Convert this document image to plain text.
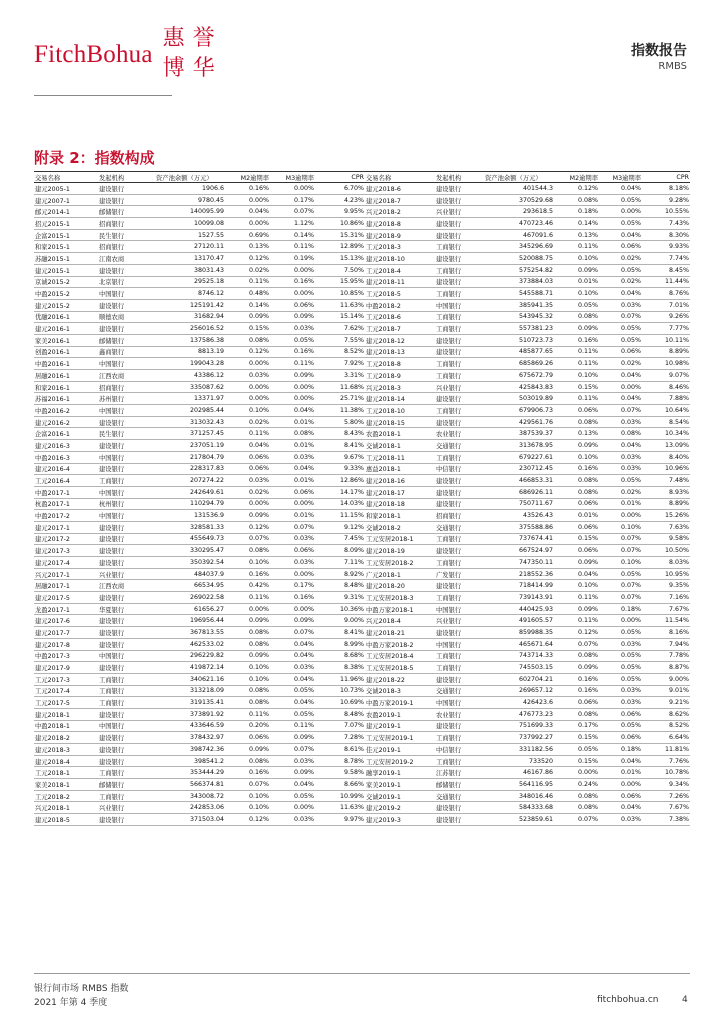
FitchBohua
惠 誉
博 华
指数报告
RMBS
附录 2：指数构成
交易名称	发起机构	资产池余额（万元）	M2逾期率	M3逾期率	CPR
建元2005-1	建设银行	1906.6	0.16%	0.00%	6.70%
建元2007-1	建设银行	9780.45	0.00%	0.17%	4.23%
邮元2014-1	邮储银行	140095.99	0.04%	0.07%	9.95%
招元2015-1	招商银行	10099.08	0.00%	1.12%	10.86%
企富2015-1	民生银行	1527.55	0.69%	0.14%	15.31%
和家2015-1	招商银行	27120.11	0.13%	0.11%	12.89%
苏融2015-1	江南农商	13170.47	0.12%	0.19%	15.13%
建元2015-1	建设银行	38031.43	0.02%	0.00%	7.50%
京诚2015-2	北京银行	29525.18	0.11%	0.16%	15.95%
中盈2015-2	中国银行	8746.12	0.48%	0.00%	10.85%
建元2015-2	建设银行	125191.42	0.14%	0.06%	11.63%
优融2016-1	顺德农商	31682.94	0.09%	0.09%	15.14%
建元2016-1	建设银行	256016.52	0.15%	0.03%	7.62%
家美2016-1	邮储银行	137586.38	0.08%	0.05%	7.55%
创盈2016-1	鑫商银行	8813.19	0.12%	0.16%	8.52%
中盈2016-1	中国银行	199043.28	0.00%	0.11%	7.92%
居融2016-1	江西农商	43386.12	0.03%	0.09%	3.31%
和家2016-1	招商银行	335087.62	0.00%	0.00%	11.68%
苏福2016-1	苏州银行	13371.97	0.00%	0.00%	25.71%
中盈2016-2	中国银行	202985.44	0.10%	0.04%	11.38%
建元2016-2	建设银行	313032.43	0.02%	0.01%	5.80%
企富2016-1	民生银行	371257.45	0.11%	0.08%	8.43%
建元2016-3	建设银行	237051.19	0.04%	0.01%	8.41%
中盈2016-3	中国银行	217804.79	0.06%	0.03%	9.67%
建元2016-4	建设银行	228317.83	0.06%	0.04%	9.33%
工元2016-4	工商银行	207274.22	0.03%	0.01%	12.86%
中盈2017-1	中国银行	242649.61	0.02%	0.06%	14.17%
杭盈2017-1	杭州银行	110294.79	0.00%	0.00%	14.03%
中盈2017-2	中国银行	131536.9	0.09%	0.01%	11.15%
建元2017-1	建设银行	328581.33	0.12%	0.07%	9.12%
建元2017-2	建设银行	455649.73	0.07%	0.03%	7.45%
建元2017-3	建设银行	330295.47	0.08%	0.06%	8.09%
建元2017-4	建设银行	350392.54	0.10%	0.03%	7.11%
兴元2017-1	兴业银行	484037.9	0.16%	0.00%	8.92%
居融2017-1	江西农商	66534.95	0.42%	0.17%	8.48%
建元2017-5	建设银行	269022.58	0.11%	0.16%	9.31%
龙盈2017-1	华夏银行	61656.27	0.00%	0.00%	10.36%
建元2017-6	建设银行	196956.44	0.09%	0.09%	9.00%
建元2017-7	建设银行	367813.55	0.08%	0.07%	8.41%
建元2017-8	建设银行	462533.02	0.08%	0.04%	8.99%
中盈2017-3	中国银行	296229.82	0.09%	0.04%	8.68%
建元2017-9	建设银行	419872.14	0.10%	0.03%	8.38%
工元2017-3	工商银行	340621.16	0.10%	0.04%	11.96%
工元2017-4	工商银行	313218.09	0.08%	0.05%	10.73%
工元2017-5	工商银行	319135.41	0.08%	0.04%	10.69%
建元2018-1	建设银行	373891.92	0.11%	0.05%	8.48%
中盈2018-1	中国银行	433646.59	0.20%	0.11%	7.07%
建元2018-2	建设银行	378432.97	0.06%	0.09%	7.28%
建元2018-3	建设银行	398742.36	0.09%	0.07%	8.61%
建元2018-4	建设银行	398541.2	0.08%	0.03%	8.78%
工元2018-1	工商银行	353444.29	0.16%	0.09%	9.58%
家美2018-1	邮储银行	566374.81	0.07%	0.04%	8.66%
工元2018-2	工商银行	343008.72	0.10%	0.05%	10.99%
兴元2018-1	兴业银行	242853.06	0.10%	0.00%	11.63%
建元2018-5	建设银行	371503.04	0.12%	0.03%	9.97%
交易名称	发起机构	资产池余额（万元）	M2逾期率	M3逾期率	CPR
建元2018-6	建设银行	401544.3	0.12%	0.04%	8.18%
建元2018-7	建设银行	370529.68	0.08%	0.05%	9.28%
兴元2018-2	兴业银行	293618.5	0.18%	0.00%	10.55%
建元2018-8	建设银行	470723.46	0.14%	0.05%	7.43%
建元2018-9	建设银行	467091.6	0.13%	0.04%	8.30%
工元2018-3	工商银行	345296.69	0.11%	0.06%	9.93%
建元2018-10	建设银行	520088.75	0.10%	0.02%	7.74%
工元2018-4	工商银行	575254.82	0.09%	0.05%	8.45%
建元2018-11	建设银行	373884.03	0.01%	0.02%	11.44%
工元2018-5	工商银行	545588.71	0.10%	0.04%	8.76%
中盈2018-2	中国银行	385941.35	0.05%	0.03%	7.01%
工元2018-6	工商银行	543945.32	0.08%	0.07%	9.26%
工元2018-7	工商银行	557381.23	0.09%	0.05%	7.77%
建元2018-12	建设银行	510723.73	0.16%	0.05%	10.11%
建元2018-13	建设银行	485877.65	0.11%	0.06%	8.89%
工元2018-8	工商银行	685869.26	0.11%	0.02%	10.98%
工元2018-9	工商银行	675672.79	0.10%	0.04%	9.07%
兴元2018-3	兴业银行	425843.83	0.15%	0.00%	8.46%
建元2018-14	建设银行	503019.89	0.11%	0.04%	7.88%
工元2018-10	工商银行	679906.73	0.06%	0.07%	10.64%
建元2018-15	建设银行	429561.76	0.08%	0.03%	8.54%
农盈2018-1	农业银行	387539.37	0.13%	0.08%	10.34%
交诚2018-1	交通银行	313678.95	0.09%	0.04%	13.09%
工元2018-11	工商银行	679227.61	0.10%	0.03%	8.40%
惠益2018-1	中信银行	230712.45	0.16%	0.03%	10.96%
建元2018-16	建设银行	466853.31	0.08%	0.05%	7.48%
建元2018-17	建设银行	686926.11	0.08%	0.02%	8.93%
建元2018-18	建设银行	750711.67	0.06%	0.01%	8.89%
和家2018-1	招商银行	43526.43	0.01%	0.00%	15.26%
交诚2018-2	交通银行	375588.86	0.06%	0.10%	7.63%
工元安居2018-1	工商银行	737674.41	0.15%	0.07%	9.58%
建元2018-19	建设银行	667524.97	0.06%	0.07%	10.50%
工元安居2018-2	工商银行	747350.11	0.09%	0.10%	8.03%
广元2018-1	广发银行	218552.36	0.04%	0.05%	10.95%
建元2018-20	建设银行	718414.99	0.10%	0.07%	9.35%
工元安居2018-3	工商银行	739143.91	0.11%	0.07%	7.16%
中盈万家2018-1	中国银行	440425.93	0.09%	0.18%	7.67%
兴元2018-4	兴业银行	491605.57	0.11%	0.00%	11.54%
建元2018-21	建设银行	859988.35	0.12%	0.05%	8.16%
中盈万家2018-2	中国银行	465671.64	0.07%	0.03%	7.94%
工元安居2018-4	工商银行	743714.33	0.08%	0.05%	7.78%
工元安居2018-5	工商银行	745503.15	0.09%	0.05%	8.87%
建元2018-22	建设银行	602704.21	0.16%	0.05%	9.00%
交诚2018-3	交通银行	269657.12	0.16%	0.03%	9.01%
中盈万家2019-1	中国银行	426423.6	0.06%	0.03%	9.21%
农盈2019-1	农业银行	476773.23	0.08%	0.06%	8.62%
建元2019-1	建设银行	751699.33	0.17%	0.05%	8.52%
工元安居2019-1	工商银行	737992.27	0.15%	0.06%	6.64%
佳元2019-1	中信银行	331182.56	0.05%	0.18%	11.81%
工元安居2019-2	工商银行	733520	0.15%	0.04%	7.76%
融享2019-1	江苏银行	46167.86	0.00%	0.01%	10.78%
家美2019-1	邮储银行	564116.95	0.24%	0.00%	9.34%
交诚2019-1	交通银行	348016.46	0.08%	0.06%	7.26%
建元2019-2	建设银行	584333.68	0.08%	0.04%	7.67%
建元2019-3	建设银行	523859.61	0.07%	0.03%	7.38%
银行间市场 RMBS 指数
2021 年第 4 季度	fitchbohua.cn	4
